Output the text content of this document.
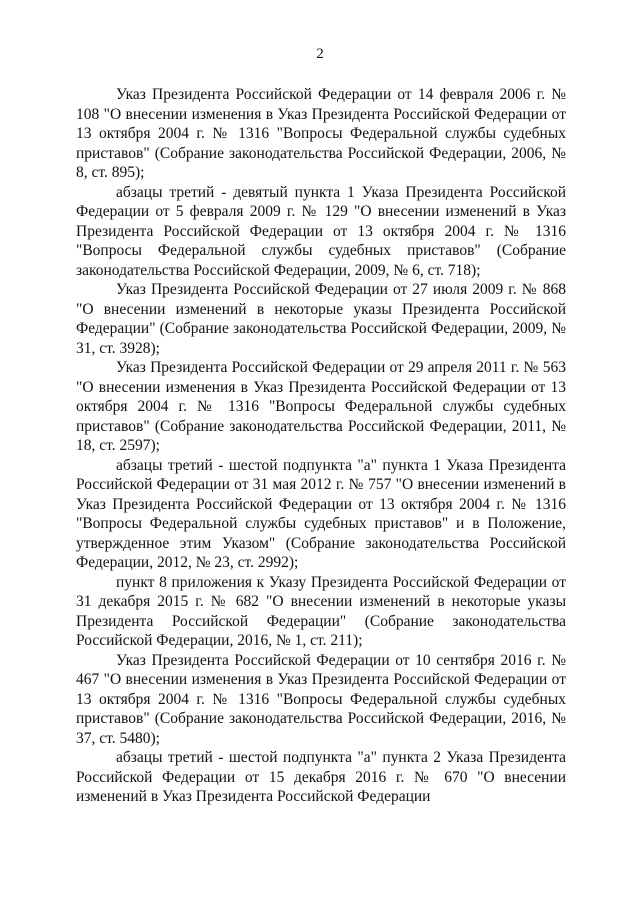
2

Указ Президента Российской Федерации от 14 февраля 2006 г. № 108 "О внесении изменения в Указ Президента Российской Федерации от 13 октября 2004 г. № 1316 "Вопросы Федеральной службы судебных приставов" (Собрание законодательства Российской Федерации, 2006, № 8, ст. 895);

абзацы третий - девятый пункта 1 Указа Президента Российской Федерации от 5 февраля 2009 г. № 129 "О внесении изменений в Указ Президента Российской Федерации от 13 октября 2004 г. № 1316 "Вопросы Федеральной службы судебных приставов" (Собрание законодательства Российской Федерации, 2009, № 6, ст. 718);

Указ Президента Российской Федерации от 27 июля 2009 г. № 868 "О внесении изменений в некоторые указы Президента Российской Федерации" (Собрание законодательства Российской Федерации, 2009, № 31, ст. 3928);

Указ Президента Российской Федерации от 29 апреля 2011 г. № 563 "О внесении изменения в Указ Президента Российской Федерации от 13 октября 2004 г. № 1316 "Вопросы Федеральной службы судебных приставов" (Собрание законодательства Российской Федерации, 2011, № 18, ст. 2597);

абзацы третий - шестой подпункта "а" пункта 1 Указа Президента Российской Федерации от 31 мая 2012 г. № 757 "О внесении изменений в Указ Президента Российской Федерации от 13 октября 2004 г. № 1316 "Вопросы Федеральной службы судебных приставов" и в Положение, утвержденное этим Указом" (Собрание законодательства Российской Федерации, 2012, № 23, ст. 2992);

пункт 8 приложения к Указу Президента Российской Федерации от 31 декабря 2015 г. № 682 "О внесении изменений в некоторые указы Президента Российской Федерации" (Собрание законодательства Российской Федерации, 2016, № 1, ст. 211);

Указ Президента Российской Федерации от 10 сентября 2016 г. № 467 "О внесении изменения в Указ Президента Российской Федерации от 13 октября 2004 г. № 1316 "Вопросы Федеральной службы судебных приставов" (Собрание законодательства Российской Федерации, 2016, № 37, ст. 5480);

абзацы третий - шестой подпункта "а" пункта 2 Указа Президента Российской Федерации от 15 декабря 2016 г. № 670 "О внесении изменений в Указ Президента Российской Федерации
